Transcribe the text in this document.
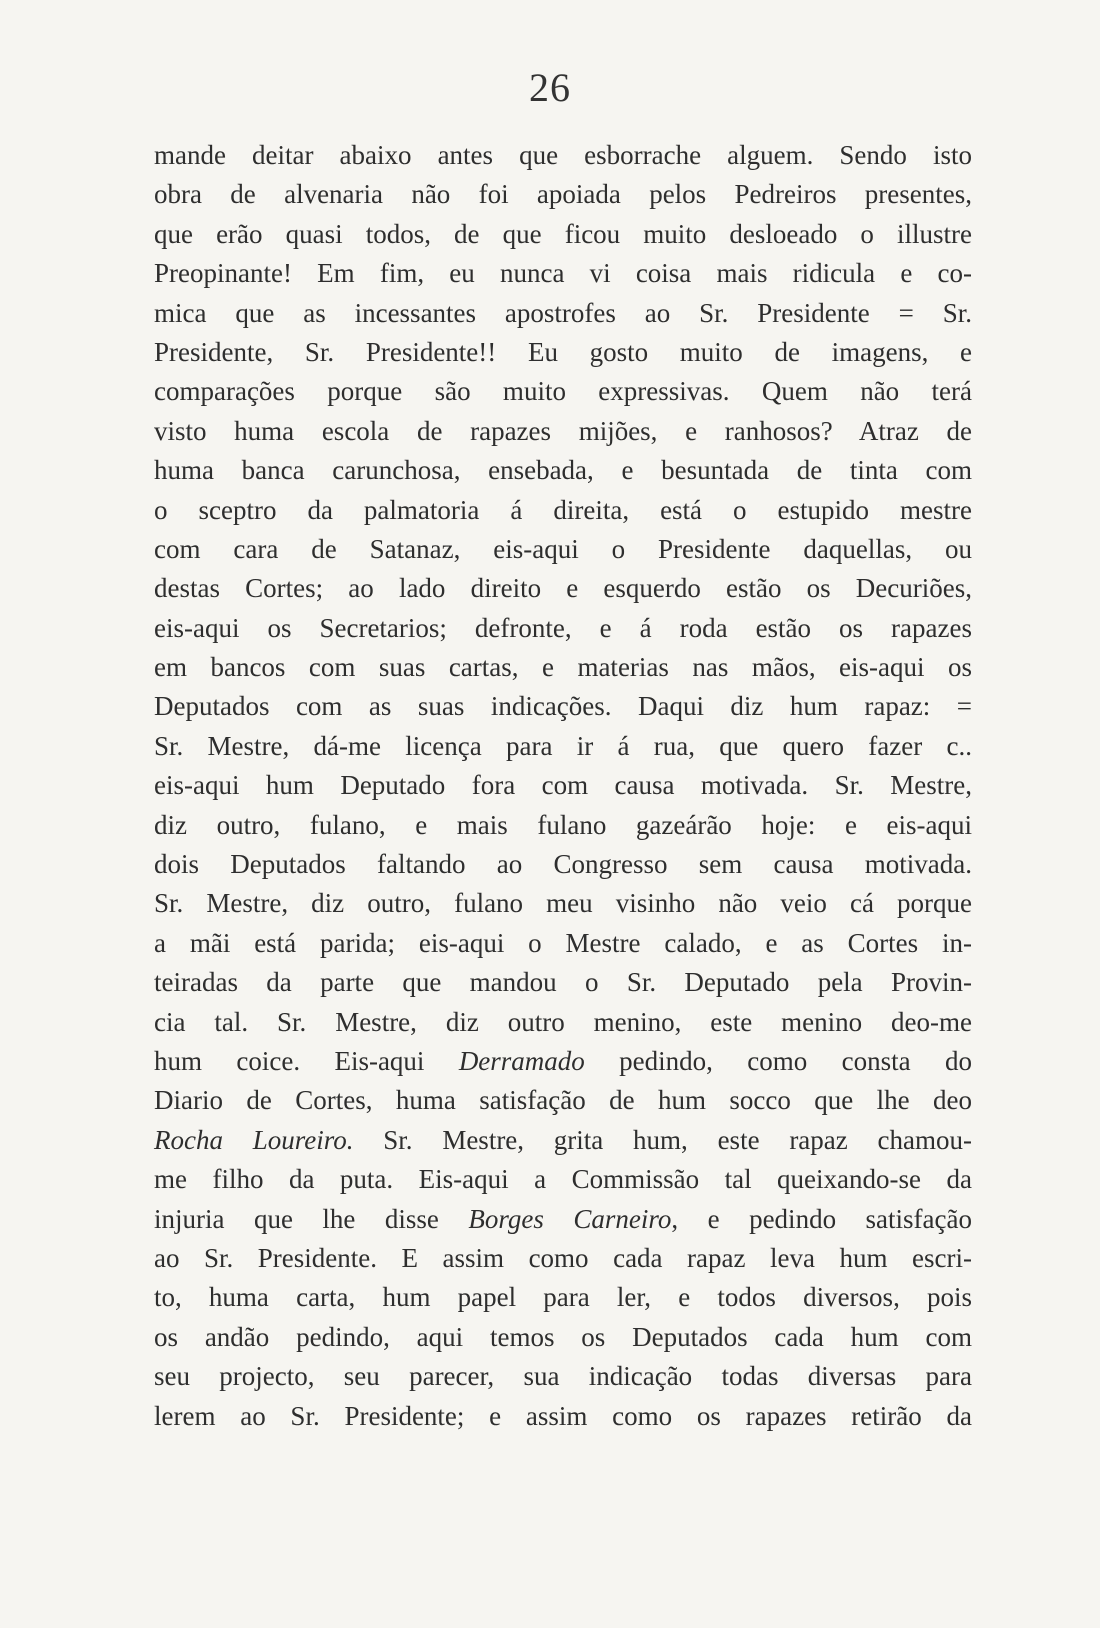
26
mande deitar abaixo antes que esborrache alguem. Sendo isto
obra de alvenaria não foi apoiada pelos Pedreiros presentes,
que erão quasi todos, de que ficou muito desloeado o illustre
Preopinante! Em fim, eu nunca vi coisa mais ridicula e co-
mica que as incessantes apostrofes ao Sr. Presidente = Sr.
Presidente, Sr. Presidente!! Eu gosto muito de imagens, e
comparações porque são muito expressivas. Quem não terá
visto huma escola de rapazes mijões, e ranhosos? Atraz de
huma banca carunchosa, ensebada, e besuntada de tinta com
o sceptro da palmatoria á direita, está o estupido mestre
com cara de Satanaz, eis-aqui o Presidente daquellas, ou
destas Cortes; ao lado direito e esquerdo estão os Decuriões,
eis-aqui os Secretarios; defronte, e á roda estão os rapazes
em bancos com suas cartas, e materias nas mãos, eis-aqui os
Deputados com as suas indicações. Daqui diz hum rapaz: =
Sr. Mestre, dá-me licença para ir á rua, que quero fazer c..
eis-aqui hum Deputado fora com causa motivada. Sr. Mestre,
diz outro, fulano, e mais fulano gazeárão hoje: e eis-aqui
dois Deputados faltando ao Congresso sem causa motivada.
Sr. Mestre, diz outro, fulano meu visinho não veio cá porque
a mãi está parida; eis-aqui o Mestre calado, e as Cortes in-
teiradas da parte que mandou o Sr. Deputado pela Provin-
cia tal. Sr. Mestre, diz outro menino, este menino deo-me
hum coice. Eis-aqui Derramado pedindo, como consta do
Diario de Cortes, huma satisfação de hum socco que lhe deo
Rocha Loureiro. Sr. Mestre, grita hum, este rapaz chamou-
me filho da puta. Eis-aqui a Commissão tal queixando-se da
injuria que lhe disse Borges Carneiro, e pedindo satisfação
ao Sr. Presidente. E assim como cada rapaz leva hum escri-
to, huma carta, hum papel para ler, e todos diversos, pois
os andão pedindo, aqui temos os Deputados cada hum com
seu projecto, seu parecer, sua indicação todas diversas para
lerem ao Sr. Presidente; e assim como os rapazes retirão da
